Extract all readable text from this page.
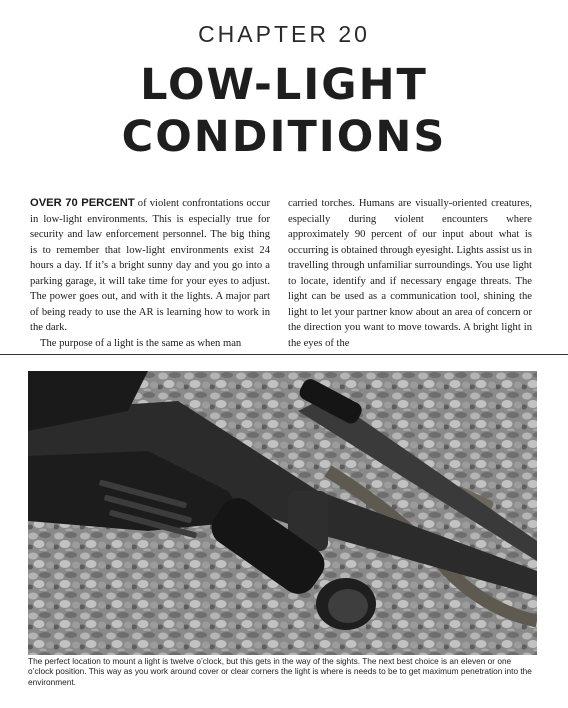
CHAPTER 20
LOW-LIGHT
CONDITIONS

OVER 70 PERCENT of violent confrontations occur in low-light environments. This is especially true for security and law enforcement personnel. The big thing is to remember that low-light environments exist 24 hours a day. If it’s a bright sunny day and you go into a parking garage, it will take time for your eyes to adjust. The power goes out, and with it the lights. A major part of being ready to use the AR is learning how to work in the dark.

The purpose of a light is the same as when man

carried torches. Humans are visually-oriented creatures, especially during violent encounters where approximately 90 percent of our input about what is occurring is obtained through eyesight. Lights assist us in travelling through unfamiliar surroundings. You use light to locate, identify and if necessary engage threats. The light can be used as a communication tool, shining the light to let your partner know about an area of concern or the direction you want to move towards. A bright light in the eyes of the

The perfect location to mount a light is twelve o’clock, but this gets in the way of the sights. The next best choice is an eleven or one o’clock position. This way as you work around cover or clear corners the light is where is needs to be to get maximum penetration into the environment.
